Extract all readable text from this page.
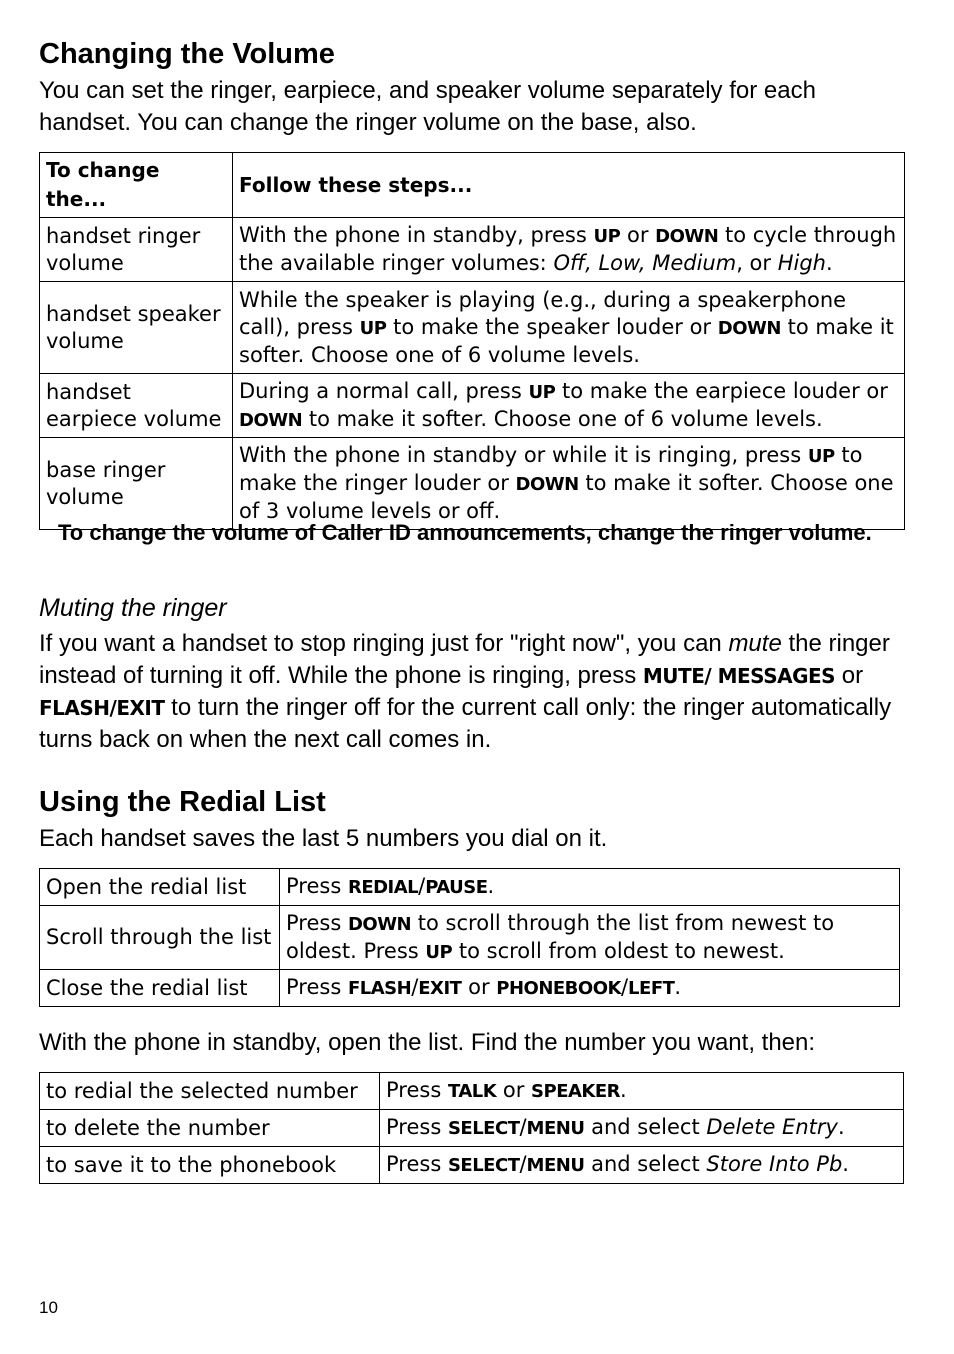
Changing the Volume

You can set the ringer, earpiece, and speaker volume separately for each handset. You can change the ringer volume on the base, also.

To change the...	Follow these steps...
handset ringer volume	With the phone in standby, press UP or DOWN to cycle through the available ringer volumes: Off, Low, Medium, or High.
handset speaker volume	While the speaker is playing (e.g., during a speakerphone call), press UP to make the speaker louder or DOWN to make it softer. Choose one of 6 volume levels.
handset earpiece volume	During a normal call, press UP to make the earpiece louder or DOWN to make it softer. Choose one of 6 volume levels.
base ringer volume	With the phone in standby or while it is ringing, press UP to make the ringer louder or DOWN to make it softer. Choose one of 3 volume levels or off.

To change the volume of Caller ID announcements, change the ringer volume.

Muting the ringer

If you want a handset to stop ringing just for "right now", you can mute the ringer instead of turning it off. While the phone is ringing, press MUTE/ MESSAGES or FLASH/EXIT to turn the ringer off for the current call only: the ringer automatically turns back on when the next call comes in.

Using the Redial List

Each handset saves the last 5 numbers you dial on it.

Open the redial list	Press REDIAL/PAUSE.
Scroll through the list	Press DOWN to scroll through the list from newest to oldest. Press UP to scroll from oldest to newest.
Close the redial list	Press FLASH/EXIT or PHONEBOOK/LEFT.

With the phone in standby, open the list. Find the number you want, then:

to redial the selected number	Press TALK or SPEAKER.
to delete the number	Press SELECT/MENU and select Delete Entry.
to save it to the phonebook	Press SELECT/MENU and select Store Into Pb.
10
